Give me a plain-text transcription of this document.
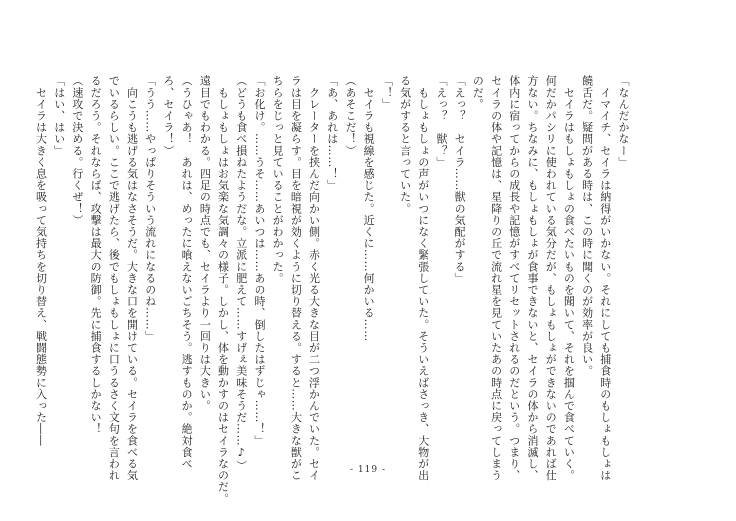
「なんだかなー」
　イマイチ、セイラは納得がいかない。それにしても捕食時のもしょもしょは
饒舌だ。疑問がある時は、この時に聞くのが効率が良い。
　セイラはもしょもしょの食べたいものを聞いて、それを掴んで食べていく。
何だかパシリに使われている気分だが、もしょもしょができないのであれば仕
方ない。ちなみに、もしょもしょが食事できないと、セイラの体から消滅し、
体内に宿ってからの成長や記憶がすべてリセットされるのだという。つまり、
セイラの体や記憶は、星降りの丘で流れ星を見ていたあの時点に戻ってしまう
のだ。
「えっ？　セイラ……獣の気配がする」
「えっ？　獣？」
　もしょもしょの声がいつになく緊張していた。そういえばさっき、大物が出
る気がすると言っていた。
「！」
　セイラも視線を感じた。近くに……何かいる……
（あそこだ！）
「あ、あれは……！」
　クレーターを挟んだ向かい側。赤く光る大きな目が二つ浮かんでいた。セイ
ラは目を凝らす。目を暗視が効くように切り替える。すると……大きな獣がこ
ちらをじっと見ていることがわかった。
「お化け。……うそ……あいつは……あの時、倒したはずじゃ……！」
（どうも食べ損ねたようだな。立派に肥えて……すげぇ美味そうだ……♪）
　もしょもしょはお気楽な気調々の様子。しかし、体を動かすのはセイラなのだ。
遠目でもわかる。四足の時点でも、セイラより一回りは大きい。
（うひゃあ！　あれは、めったに喰えないごちそう。逃すものか。絶対食べ
ろ、セイラ！）
「うう……やっぱりそういう流れになるのね……」
　向こうも逃げる気はなさそうだ。大きな口を開けている。セイラを食べる気
でいるらしい。ここで逃げたら、後でもしょもしょに口うるさく文句を言われ
るだろう。それならば、攻撃は最大の防御。先に捕食するしかない！
（速攻で決める。行くぜ！）
「はい、はい」
　セイラは大きく息を吸って気持ちを切り替え、戦闘態勢に入った――
- 119 -
